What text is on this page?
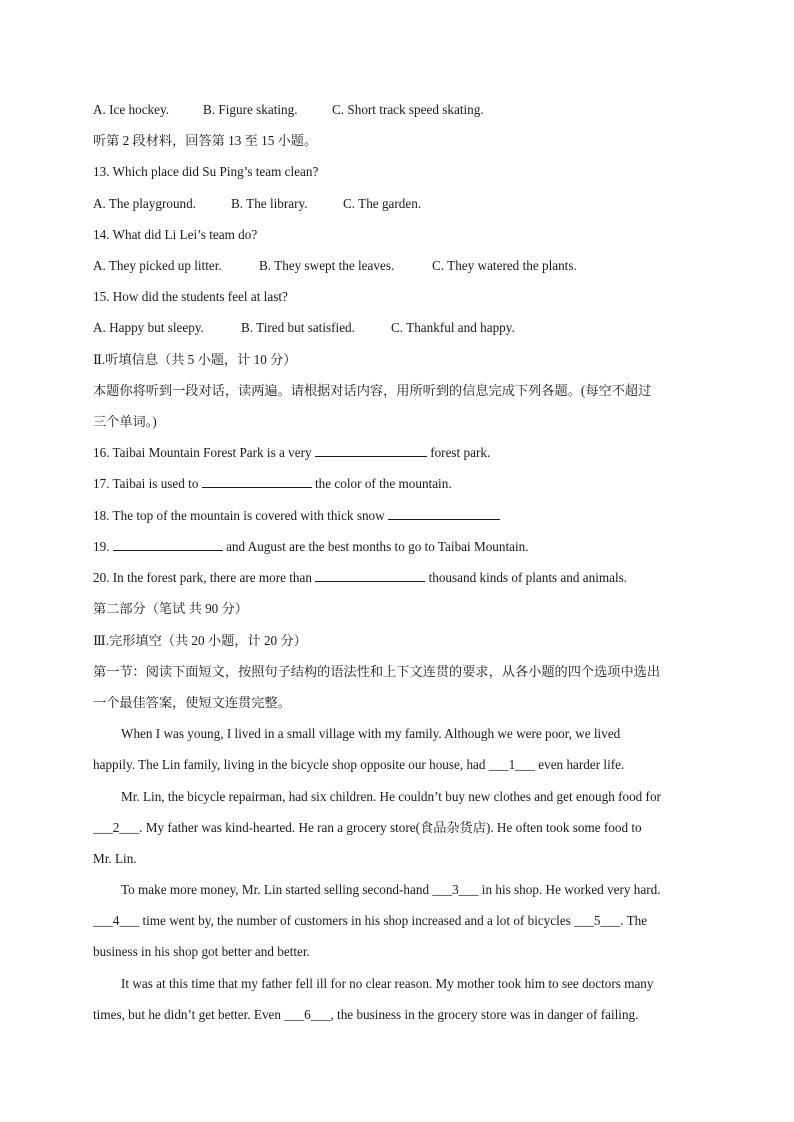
A. Ice hockey.	B. Figure skating.	C. Short track speed skating.
听第 2 段材料，回答第 13 至 15 小题。
13. Which place did Su Ping’s team clean?
A. The playground.	B. The library.	C. The garden.
14. What did Li Lei’s team do?
A. They picked up litter.	B. They swept the leaves.	C. They watered the plants.
15. How did the students feel at last?
A. Happy but sleepy.	B. Tired but satisfied.	C. Thankful and happy.
Ⅱ.听填信息（共 5 小题，计 10 分）
本题你将听到一段对话，读两遍。请根据对话内容，用所听到的信息完成下列各题。(每空不超过
三个单词。)
16. Taibai Mountain Forest Park is a very	forest park.
17. Taibai is used to	the color of the mountain.
18. The top of the mountain is covered with thick snow
19.	and August are the best months to go to Taibai Mountain.
20. In the forest park, there are more than	thousand kinds of plants and animals.
第二部分（笔试 共 90 分）
Ⅲ.完形填空（共 20 小题，计 20 分）
第一节：阅读下面短文，按照句子结构的语法性和上下文连贯的要求，从各小题的四个选项中选出
一个最佳答案，使短文连贯完整。
When I was young, I lived in a small village with my family. Although we were poor, we lived
happily. The Lin family, living in the bicycle shop opposite our house, had ___1___ even harder life.
Mr. Lin, the bicycle repairman, had six children. He couldn’t buy new clothes and get enough food for
___2___. My father was kind-hearted. He ran a grocery store(食品杂货店). He often took some food to
Mr. Lin.
To make more money, Mr. Lin started selling second-hand ___3___ in his shop. He worked very hard.
___4___ time went by, the number of customers in his shop increased and a lot of bicycles ___5___. The
business in his shop got better and better.
It was at this time that my father fell ill for no clear reason. My mother took him to see doctors many
times, but he didn’t get better. Even ___6___, the business in the grocery store was in danger of failing.
